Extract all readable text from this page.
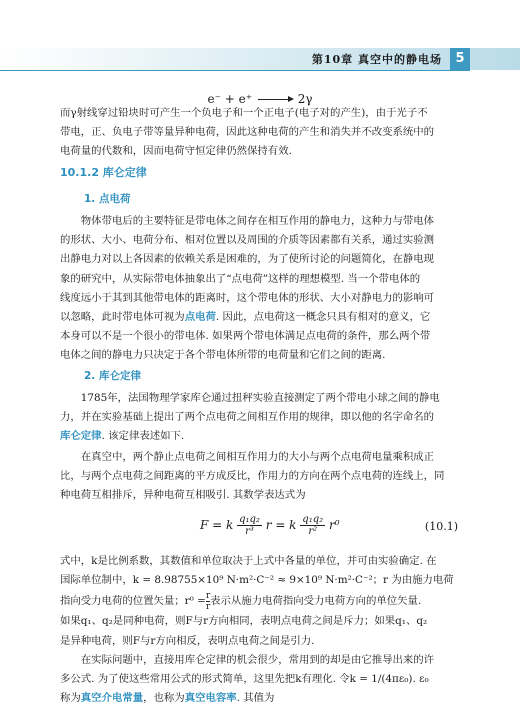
第10章 真空中的静电场	5
e⁻ + e⁺	2γ
而γ射线穿过铅块时可产生一个负电子和一个正电子(电子对的产生)，由于光子不
带电，正、负电子带等量异种电荷，因此这种电荷的产生和消失并不改变系统中的
电荷量的代数和，因而电荷守恒定律仍然保持有效.
10.1.2 库仑定律
1. 点电荷
物体带电后的主要特征是带电体之间存在相互作用的静电力，这种力与带电体
的形状、大小、电荷分布、相对位置以及周围的介质等因素都有关系，通过实验测
出静电力对以上各因素的依赖关系是困难的，为了使所讨论的问题简化，在静电现
象的研究中，从实际带电体抽象出了“点电荷”这样的理想模型. 当一个带电体的
线度远小于其到其他带电体的距离时，这个带电体的形状、大小对静电力的影响可
以忽略，此时带电体可视为点电荷. 因此，点电荷这一概念只具有相对的意义，它
本身可以不是一个很小的带电体. 如果两个带电体满足点电荷的条件，那么两个带
电体之间的静电力只决定于各个带电体所带的电荷量和它们之间的距离.
2. 库仑定律
1785年，法国物理学家库仑通过扭秤实验直接测定了两个带电小球之间的静电
力，并在实验基础上提出了两个点电荷之间相互作用的规律，即以他的名字命名的
库仑定律. 该定律表述如下.
在真空中，两个静止点电荷之间相互作用力的大小与两个点电荷电量乘积成正
比，与两个点电荷之间距离的平方成反比，作用力的方向在两个点电荷的连线上，同
种电荷互相排斥，异种电荷互相吸引. 其数学表达式为
F = k $\frac{\text{q₁q₂}}{\text{r³}}$ r = k $\frac{\text{q₁q₂}}{\text{r²}} r^0$	(10.1)
式中，k是比例系数，其数值和单位取决于上式中各量的单位，并可由实验确定. 在
国际单位制中，k = 8.98755×10⁹ N·m²·C⁻² ≈ 9×10⁹ N·m²·C⁻²；r 为由施力电荷
指向受力电荷的位置矢量；$r^0 = \frac{r}{r}$ 表示从施力电荷指向受力电荷方向的单位矢量.
如果q₁、q₂是同种电荷，则F与r方向相同，表明点电荷之间是斥力；如果q₁、q₂
是异种电荷，则F与r方向相反，表明点电荷之间是引力.
在实际问题中，直接用库仑定律的机会很少，常用到的却是由它推导出来的许
多公式. 为了使这些常用公式的形式简单，这里先把k有理化. 令k = 1/(4πε₀). ε₀
称为真空介电常量，也称为真空电容率. 其值为
